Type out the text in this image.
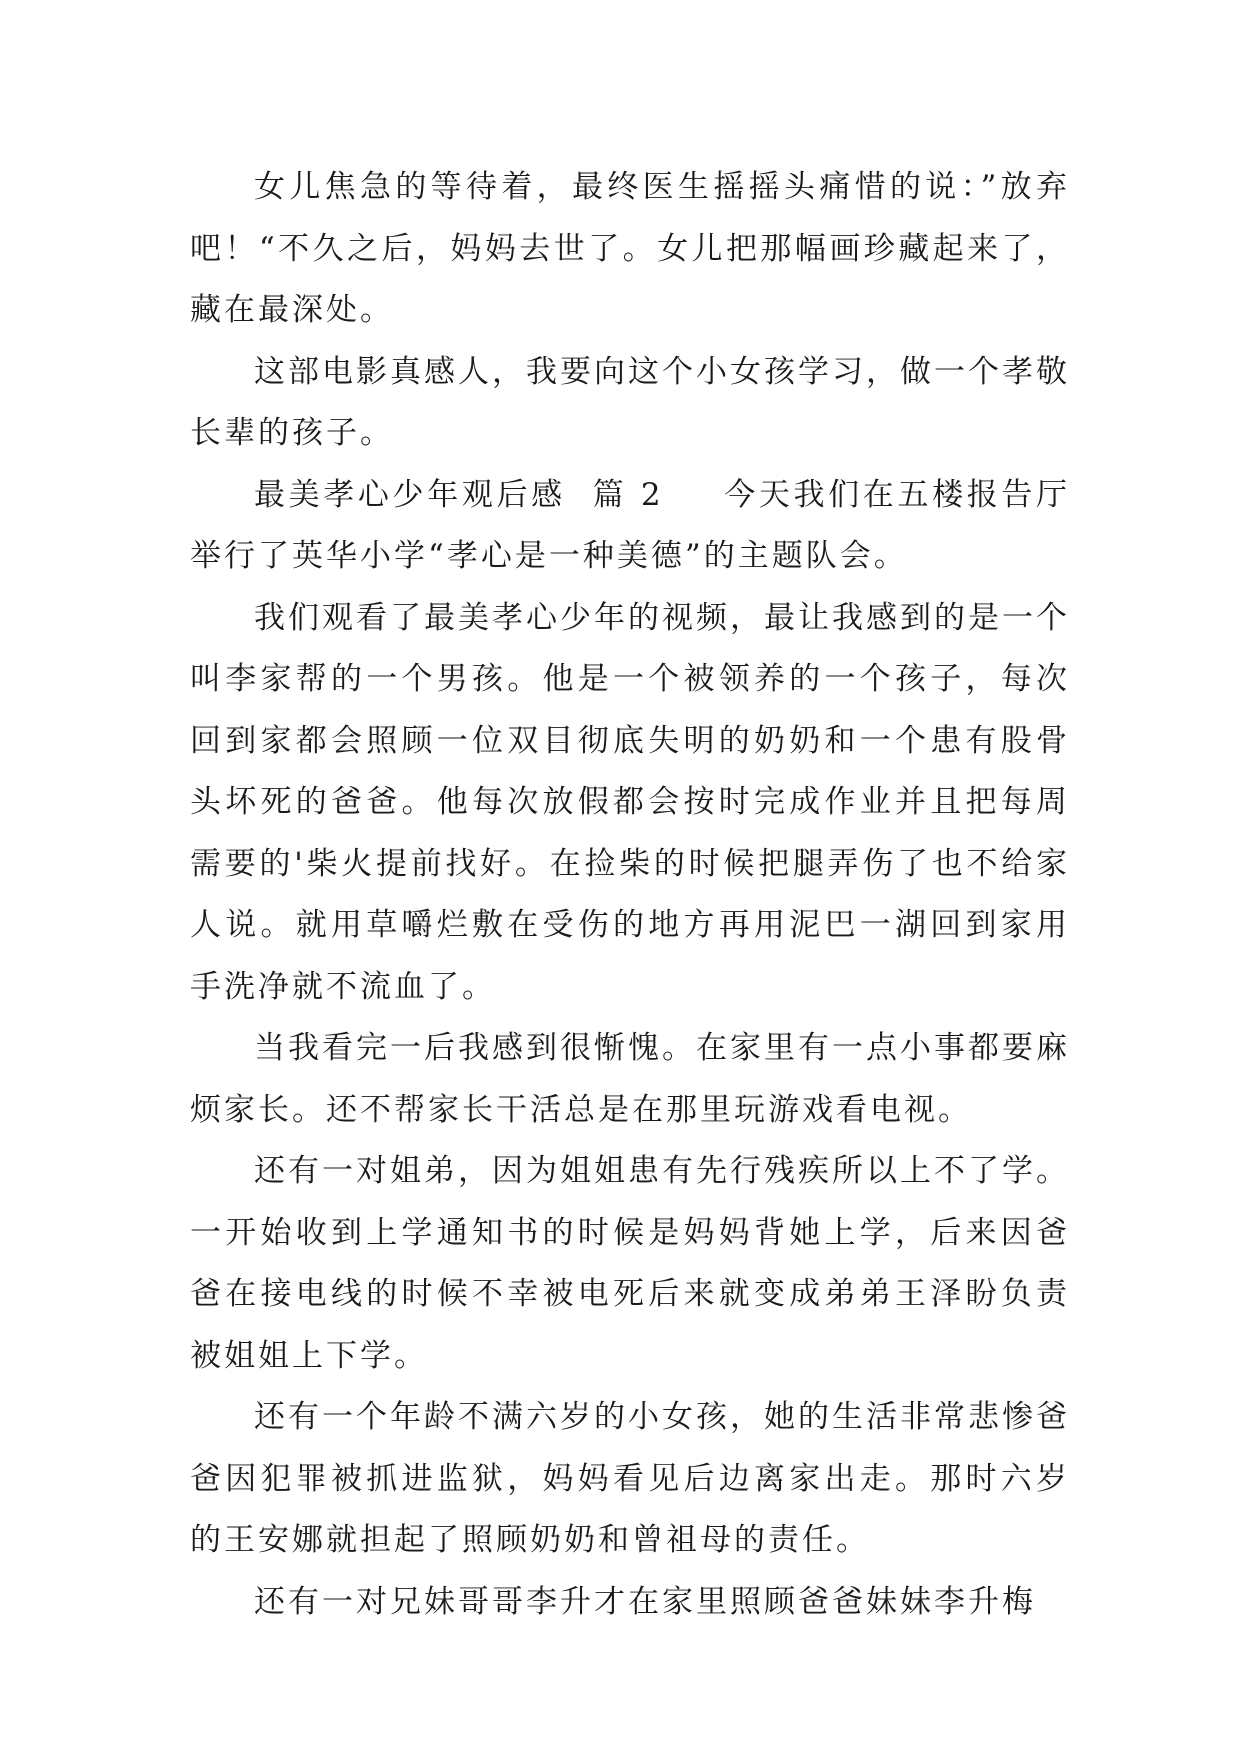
女儿焦急的等待着，最终医生摇摇头痛惜的说：”放弃吧！“不久之后，妈妈去世了。女儿把那幅画珍藏起来了，藏在最深处。

这部电影真感人，我要向这个小女孩学习，做一个孝敬长辈的孩子。

最美孝心少年观后感  篇 2 今天我们在五楼报告厅举行了英华小学“孝心是一种美德”的主题队会。

我们观看了最美孝心少年的视频，最让我感到的是一个叫李家帮的一个男孩。他是一个被领养的一个孩子，每次回到家都会照顾一位双目彻底失明的奶奶和一个患有股骨头坏死的爸爸。他每次放假都会按时完成作业并且把每周需要的'柴火提前找好。在捡柴的时候把腿弄伤了也不给家人说。就用草嚼烂敷在受伤的地方再用泥巴一湖回到家用手洗净就不流血了。

当我看完一后我感到很惭愧。在家里有一点小事都要麻烦家长。还不帮家长干活总是在那里玩游戏看电视。

还有一对姐弟，因为姐姐患有先行残疾所以上不了学。一开始收到上学通知书的时候是妈妈背她上学，后来因爸爸在接电线的时候不幸被电死后来就变成弟弟王泽盼负责被姐姐上下学。

还有一个年龄不满六岁的小女孩，她的生活非常悲惨爸爸因犯罪被抓进监狱，妈妈看见后边离家出走。那时六岁的王安娜就担起了照顾奶奶和曾祖母的责任。

还有一对兄妹哥哥李升才在家里照顾爸爸妹妹李升梅
